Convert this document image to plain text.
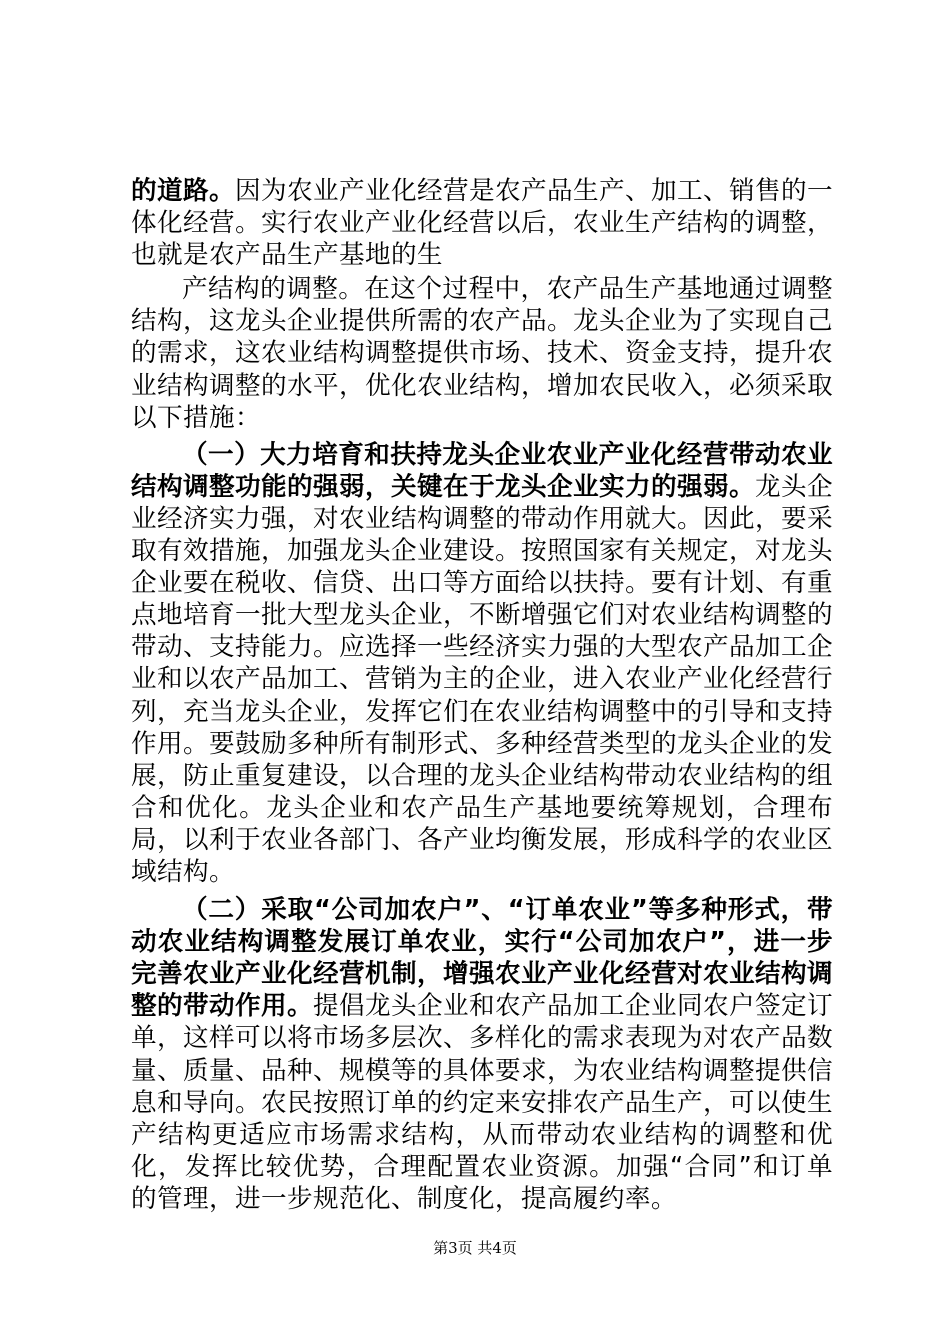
的道路。因为农业产业化经营是农产品生产、加工、销售的一体化经营。实行农业产业化经营以后，农业生产结构的调整，也就是农产品生产基地的生

产结构的调整。在这个过程中，农产品生产基地通过调整结构，这龙头企业提供所需的农产品。龙头企业为了实现自己的需求，这农业结构调整提供市场、技术、资金支持，提升农业结构调整的水平，优化农业结构，增加农民收入，必须采取以下措施：

（一）大力培育和扶持龙头企业农业产业化经营带动农业结构调整功能的强弱，关键在于龙头企业实力的强弱。龙头企业经济实力强，对农业结构调整的带动作用就大。因此，要采取有效措施，加强龙头企业建设。按照国家有关规定，对龙头企业要在税收、信贷、出口等方面给以扶持。要有计划、有重点地培育一批大型龙头企业，不断增强它们对农业结构调整的带动、支持能力。应选择一些经济实力强的大型农产品加工企业和以农产品加工、营销为主的企业，进入农业产业化经营行列，充当龙头企业，发挥它们在农业结构调整中的引导和支持作用。要鼓励多种所有制形式、多种经营类型的龙头企业的发展，防止重复建设，以合理的龙头企业结构带动农业结构的组合和优化。龙头企业和农产品生产基地要统筹规划，合理布局，以利于农业各部门、各产业均衡发展，形成科学的农业区域结构。

（二）采取“公司加农户”、“订单农业”等多种形式，带动农业结构调整发展订单农业，实行“公司加农户”，进一步完善农业产业化经营机制，增强农业产业化经营对农业结构调整的带动作用。提倡龙头企业和农产品加工企业同农户签定订单，这样可以将市场多层次、多样化的需求表现为对农产品数量、质量、品种、规模等的具体要求，为农业结构调整提供信息和导向。农民按照订单的约定来安排农产品生产，可以使生产结构更适应市场需求结构，从而带动农业结构的调整和优化，发挥比较优势，合理配置农业资源。加强“合同”和订单的管理，进一步规范化、制度化，提高履约率。

第3页 共4页
